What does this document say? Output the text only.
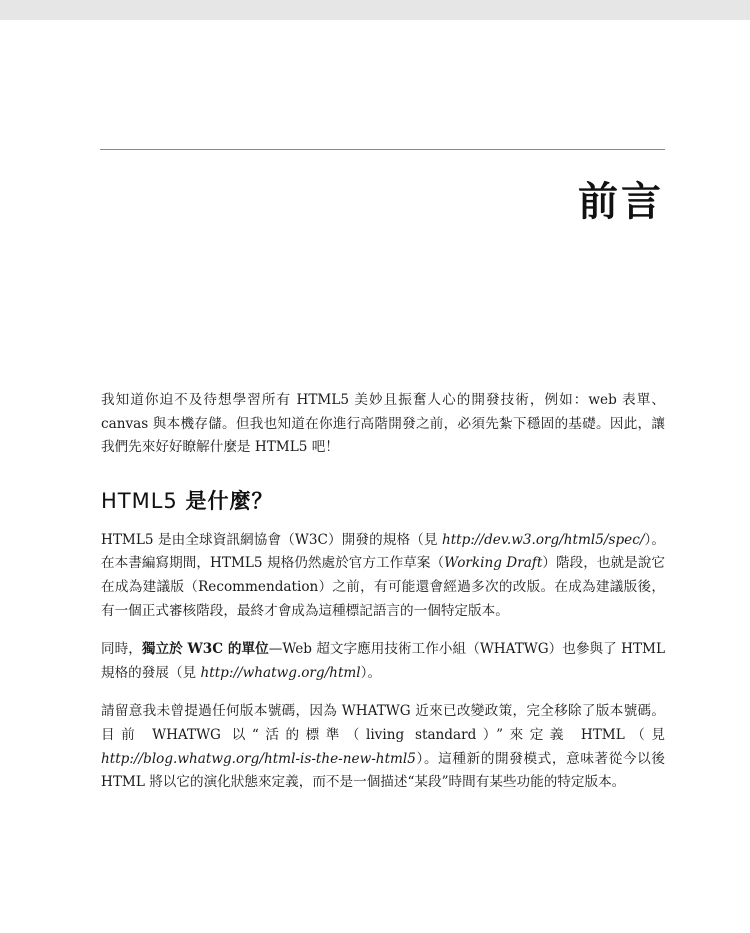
前言

我知道你迫不及待想學習所有 HTML5 美妙且振奮人心的開發技術，例如：web 表單、canvas 與本機存儲。但我也知道在你進行高階開發之前，必須先紮下穩固的基礎。因此，讓我們先來好好瞭解什麼是 HTML5 吧！

HTML5 是什麼？

HTML5 是由全球資訊網協會（W3C）開發的規格（見 http://dev.w3.org/html5/spec/）。在本書編寫期間，HTML5 規格仍然處於官方工作草案（Working Draft）階段，也就是說它在成為建議版（Recommendation）之前，有可能還會經過多次的改版。在成為建議版後，有一個正式審核階段，最終才會成為這種標記語言的一個特定版本。

同時，獨立於 W3C 的單位—Web 超文字應用技術工作小組（WHATWG）也參與了 HTML 規格的發展（見 http://whatwg.org/html）。

請留意我未曾提過任何版本號碼，因為 WHATWG 近來已改變政策，完全移除了版本號碼。目前 WHATWG 以“活的標準（living standard）”來定義 HTML（見 http://blog.whatwg.org/html-is-the-new-html5）。這種新的開發模式，意味著從今以後 HTML 將以它的演化狀態來定義，而不是一個描述“某段”時間有某些功能的特定版本。
